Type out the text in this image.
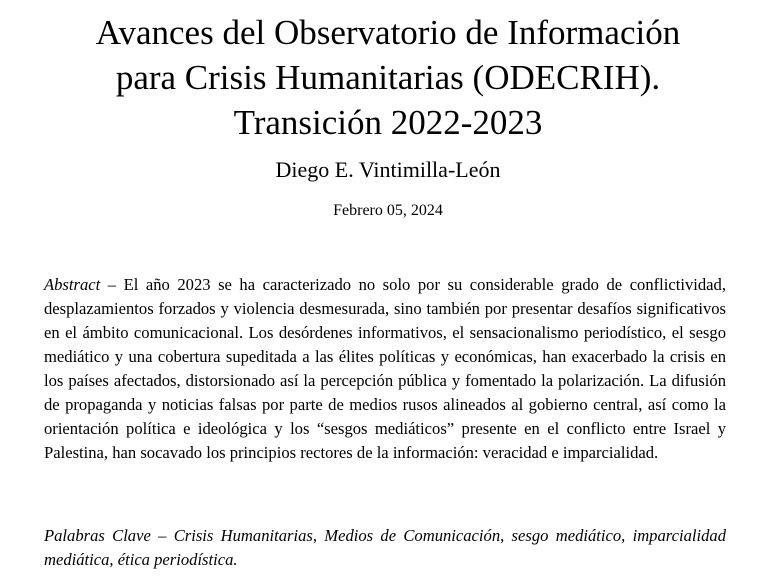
Avances del Observatorio de Información
para Crisis Humanitarias (ODECRIH).
Transición 2022-2023
Diego E. Vintimilla-León
Febrero 05, 2024

Abstract – El año 2023 se ha caracterizado no solo por su considerable grado de conflictividad, desplazamientos forzados y violencia desmesurada, sino también por presentar desafíos significativos en el ámbito comunicacional. Los desórdenes informativos, el sensacionalismo periodístico, el sesgo mediático y una cobertura supeditada a las élites políticas y económicas, han exacerbado la crisis en los países afectados, distorsionado así la percepción pública y fomentado la polarización. La difusión de propaganda y noticias falsas por parte de medios rusos alineados al gobierno central, así como la orientación política e ideológica y los “sesgos mediáticos” presente en el conflicto entre Israel y Palestina, han socavado los principios rectores de la información: veracidad e imparcialidad.

Palabras Clave – Crisis Humanitarias, Medios de Comunicación, sesgo mediático, imparcialidad mediática, ética periodística.
